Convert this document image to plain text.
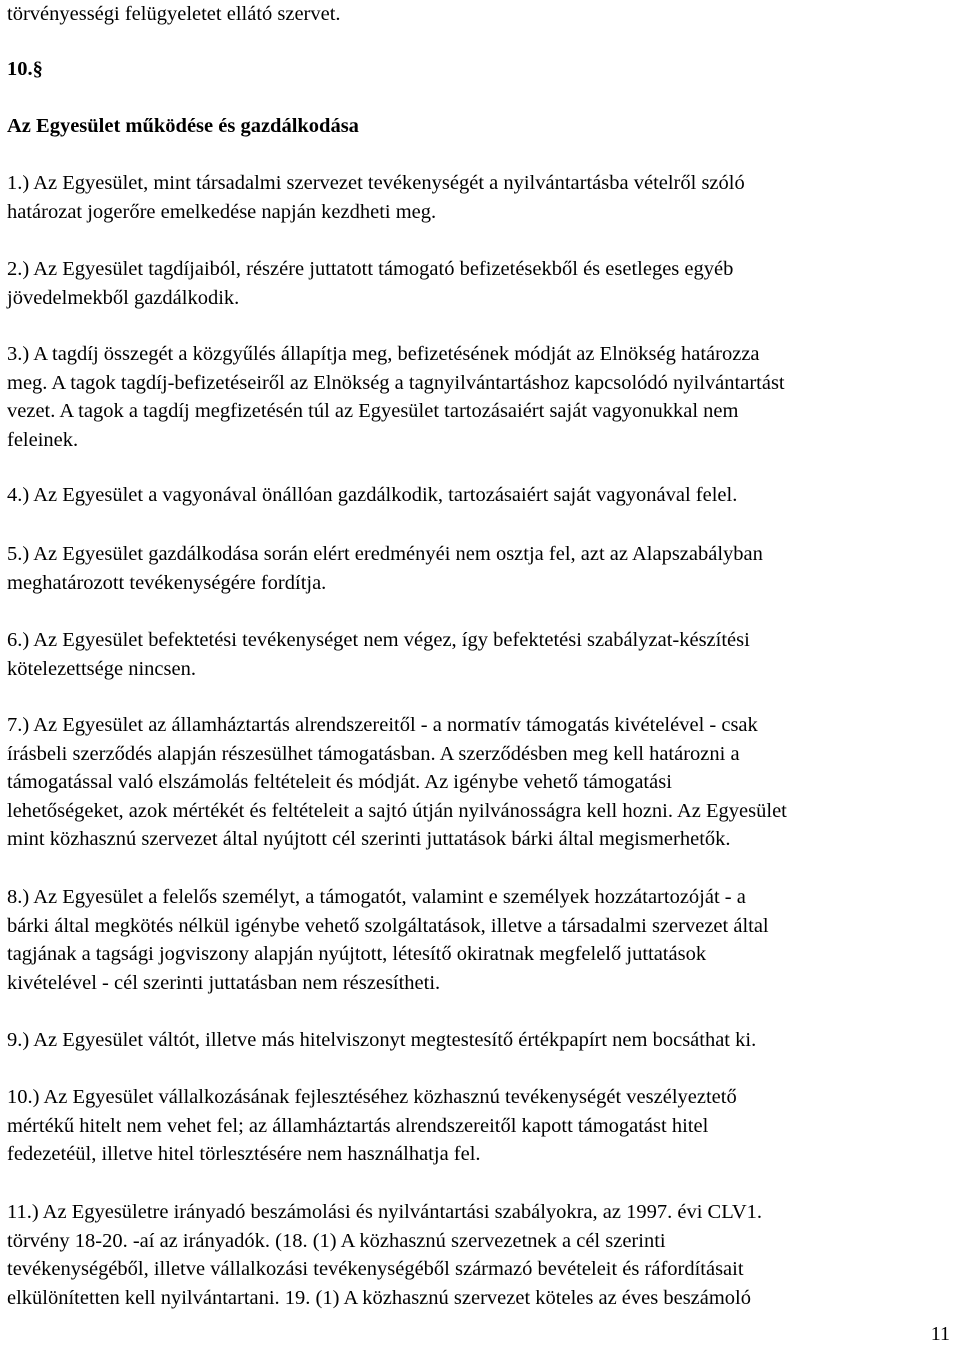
törvényességi felügyeletet ellátó szervet.
10.§
Az Egyesület működése és gazdálkodása
1.) Az Egyesület, mint társadalmi szervezet tevékenységét a nyilvántartásba vételről szóló
határozat jogerőre emelkedése napján kezdheti meg.
2.) Az Egyesület tagdíjaiból, részére juttatott támogató befizetésekből és esetleges egyéb
jövedelmekből gazdálkodik.
3.) A tagdíj összegét a közgyűlés állapítja meg, befizetésének módját az Elnökség határozza
meg. A tagok tagdíj-befizetéseiről az Elnökség a tagnyilvántartáshoz kapcsolódó nyilvántartást
vezet. A tagok a tagdíj megfizetésén túl az Egyesület tartozásaiért saját vagyonukkal nem
feleinek.
4.) Az Egyesület a vagyonával önállóan gazdálkodik, tartozásaiért saját vagyonával felel.
5.) Az Egyesület gazdálkodása során elért eredményéi nem osztja fel, azt az Alapszabályban
meghatározott tevékenységére fordítja.
6.) Az Egyesület befektetési tevékenységet nem végez, így befektetési szabályzat-készítési
kötelezettsége nincsen.
7.) Az Egyesület az államháztartás alrendszereitől - a normatív támogatás kivételével - csak
írásbeli szerződés alapján részesülhet támogatásban. A szerződésben meg kell határozni a
támogatással való elszámolás feltételeit és módját. Az igénybe vehető támogatási
lehetőségeket, azok mértékét és feltételeit a sajtó útján nyilvánosságra kell hozni. Az Egyesület
mint közhasznú szervezet által nyújtott cél szerinti juttatások bárki által megismerhetők.
8.) Az Egyesület a felelős személyt, a támogatót, valamint e személyek hozzátartozóját - a
bárki által megkötés nélkül igénybe vehető szolgáltatások, illetve a társadalmi szervezet által
tagjának a tagsági jogviszony alapján nyújtott, létesítő okiratnak megfelelő juttatások
kivételével - cél szerinti juttatásban nem részesítheti.
9.) Az Egyesület váltót, illetve más hitelviszonyt megtestesítő értékpapírt nem bocsáthat ki.
10.) Az Egyesület vállalkozásának fejlesztéséhez közhasznú tevékenységét veszélyeztető
mértékű hitelt nem vehet fel; az államháztartás alrendszereitől kapott támogatást hitel
fedezetéül, illetve hitel törlesztésére nem használhatja fel.
11.) Az Egyesületre irányadó beszámolási és nyilvántartási szabályokra, az 1997. évi CLV1.
törvény 18-20. -aí az irányadók. (18. (1) A közhasznú szervezetnek a cél szerinti
tevékenységéből, illetve vállalkozási tevékenységéből származó bevételeit és ráfordításait
elkülönítetten kell nyilvántartani. 19. (1) A közhasznú szervezet köteles az éves beszámoló
11
